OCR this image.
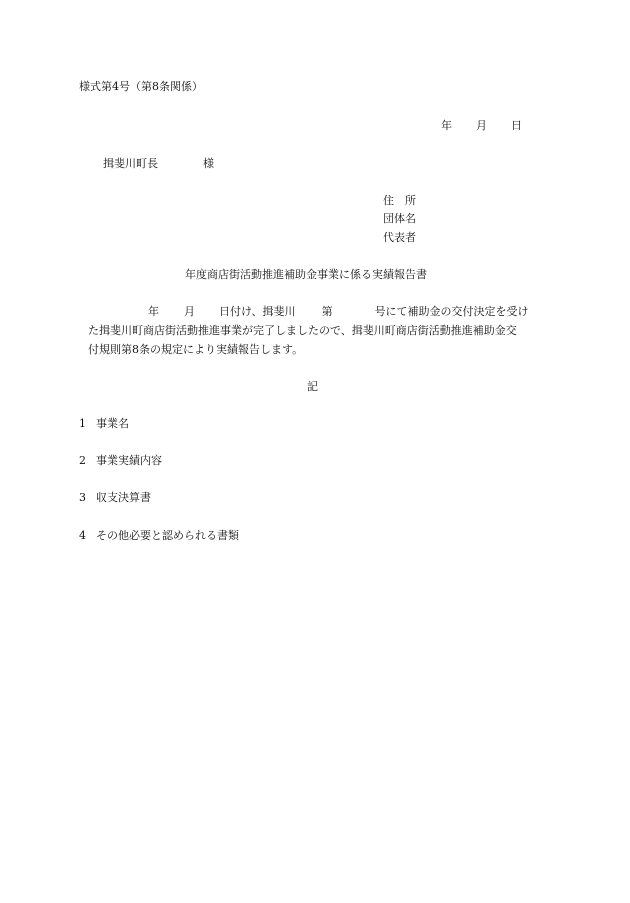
様式第4号（第8条関係）
年 月 日
揖斐川町長	様
住　所
団体名
代表者
年度商店街活動推進補助金事業に係る実績報告書
年 月 日付け、揖斐川 第	号にて補助金の交付決定を受け
た揖斐川町商店街活動推進事業が完了しましたので、揖斐川町商店街活動推進補助金交
付規則第8条の規定により実績報告します。
記
1 事業名
2 事業実績内容
3 収支決算書
4 その他必要と認められる書類
